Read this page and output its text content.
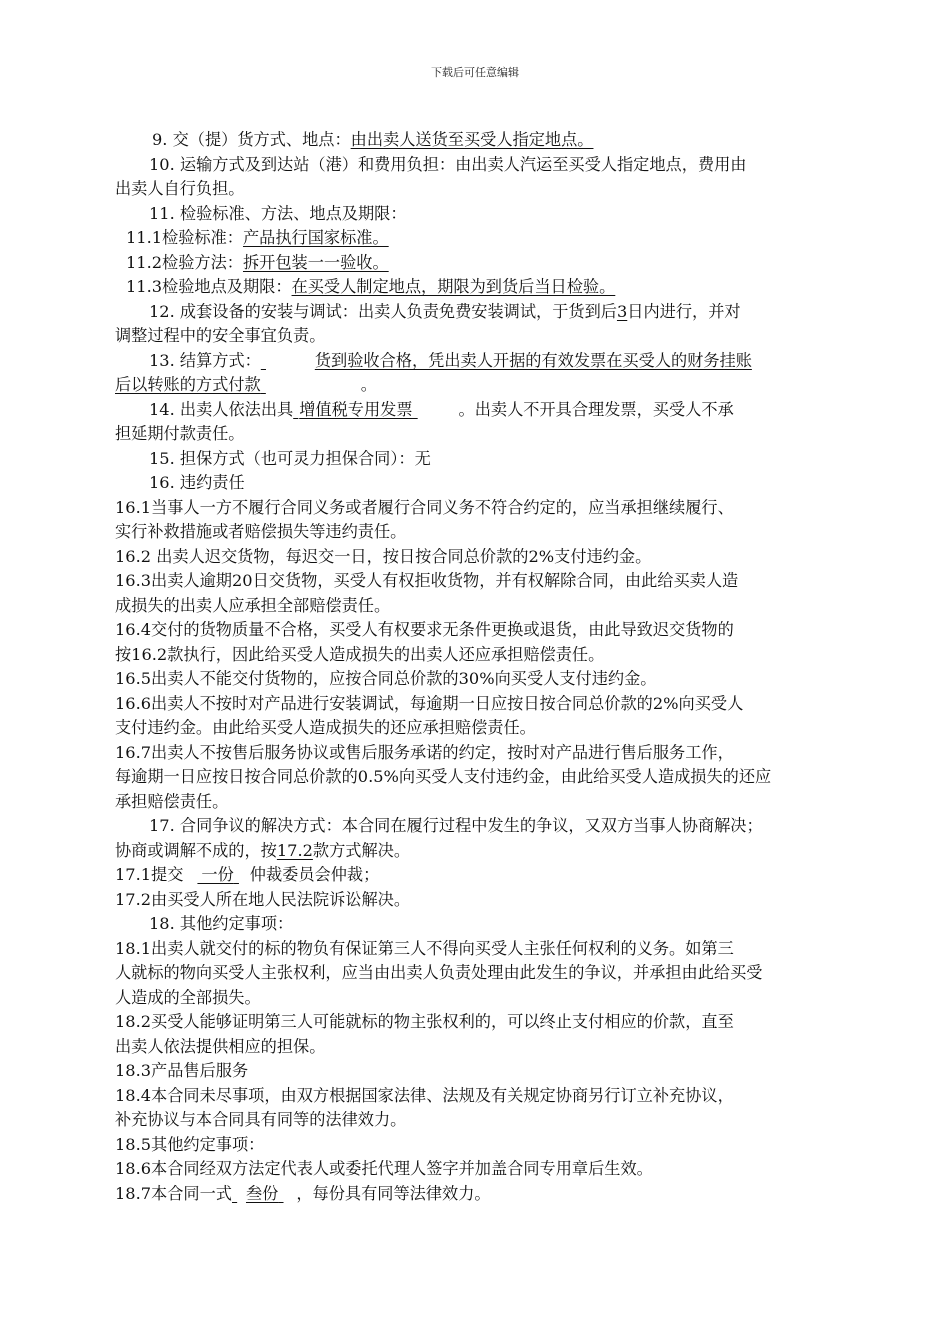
下载后可任意编辑
9. 交（提）货方式、地点：由出卖人送货至买受人指定地点。
10. 运输方式及到达站（港）和费用负担：由出卖人汽运至买受人指定地点，费用由
出卖人自行负担。
11. 检验标准、方法、地点及期限：
11.1检验标准：产品执行国家标准。
11.2检验方法：拆开包装一一验收。
11.3检验地点及期限：在买受人制定地点，期限为到货后当日检验。
12. 成套设备的安装与调试：出卖人负责免费安装调试，于货到后3日内进行，并对
调整过程中的安全事宜负责。
13. 结算方式：	货到验收合格，凭出卖人开据的有效发票在买受人的财务挂账
后以转账的方式付款	。
14. 出卖人依法出具 增值税专用发票	。出卖人不开具合理发票，买受人不承
担延期付款责任。
15. 担保方式（也可灵力担保合同）：无
16. 违约责任
16.1当事人一方不履行合同义务或者履行合同义务不符合约定的，应当承担继续履行、
实行补救措施或者赔偿损失等违约责任。
16.2 出卖人迟交货物，每迟交一日，按日按合同总价款的2%支付违约金。
16.3出卖人逾期20日交货物，买受人有权拒收货物，并有权解除合同，由此给买卖人造
成损失的出卖人应承担全部赔偿责任。
16.4交付的货物质量不合格，买受人有权要求无条件更换或退货，由此导致迟交货物的
按16.2款执行，因此给买受人造成损失的出卖人还应承担赔偿责任。
16.5出卖人不能交付货物的，应按合同总价款的30%向买受人支付违约金。
16.6出卖人不按时对产品进行安装调试，每逾期一日应按日按合同总价款的2%向买受人
支付违约金。由此给买受人造成损失的还应承担赔偿责任。
16.7出卖人不按售后服务协议或售后服务承诺的约定，按时对产品进行售后服务工作，
每逾期一日应按日按合同总价款的0.5%向买受人支付违约金，由此给买受人造成损失的还应
承担赔偿责任。
17. 合同争议的解决方式：本合同在履行过程中发生的争议，又双方当事人协商解决；
协商或调解不成的，按17.2款方式解决。
17.1提交 一份 仲裁委员会仲裁；
17.2由买受人所在地人民法院诉讼解决。
18. 其他约定事项：
18.1出卖人就交付的标的物负有保证第三人不得向买受人主张任何权利的义务。如第三
人就标的物向买受人主张权利，应当由出卖人负责处理由此发生的争议，并承担由此给买受
人造成的全部损失。
18.2买受人能够证明第三人可能就标的物主张权利的，可以终止支付相应的价款，直至
出卖人依法提供相应的担保。
18.3产品售后服务
18.4本合同未尽事项，由双方根据国家法律、法规及有关规定协商另行订立补充协议，
补充协议与本合同具有同等的法律效力。
18.5其他约定事项：
18.6本合同经双方法定代表人或委托代理人签字并加盖合同专用章后生效。
18.7本合同一式 叁份 ，每份具有同等法律效力。
